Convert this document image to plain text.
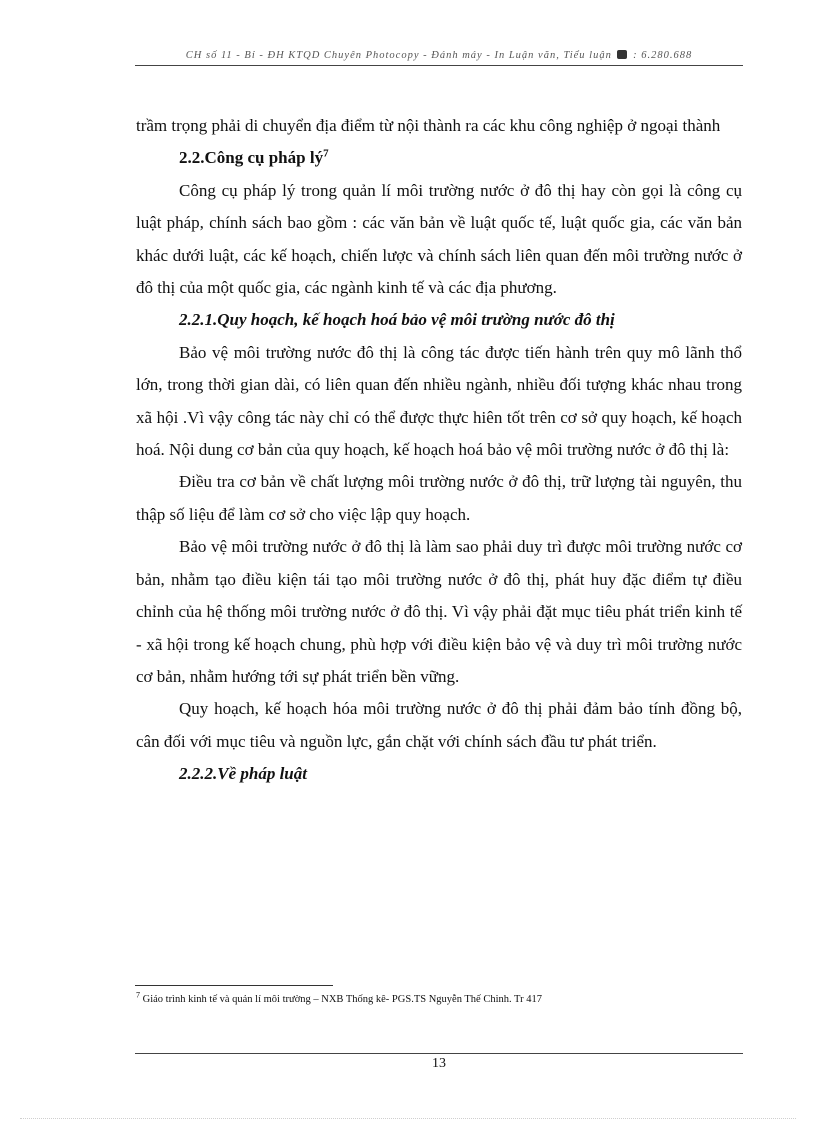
CH số 11 - Bỉ - ĐH KTQD Chuyên Photocopy - Đánh máy - In Luận văn, Tiểu luận : 6.280.688

trầm trọng phải di chuyển địa điểm từ nội thành ra các khu công nghiệp ở ngoại thành

2.2.Công cụ pháp $lý^7$

Công cụ pháp lý trong quản lí môi trường nước ở đô thị hay còn gọi là công cụ luật pháp, chính sách bao gồm : các văn bản về luật quốc tế, luật quốc gia, các văn bản khác dưới luật, các kế hoạch, chiến lược và chính sách liên quan đến môi trường nước ở đô thị của một quốc gia, các ngành kinh tế và các địa phương.

2.2.1.Quy hoạch, kế hoạch hoá bảo vệ môi trường nước đô thị

Bảo vệ môi trường nước đô thị là công tác được tiến hành trên quy mô lãnh thổ lớn, trong thời gian dài, có liên quan đến nhiều ngành, nhiều đối tượng khác nhau trong xã hội .Vì vậy công tác này chỉ có thể được thực hiên tốt trên cơ sở quy hoạch, kế hoạch hoá. Nội dung cơ bản của quy hoạch, kế hoạch hoá bảo vệ môi trường nước ở đô thị là:

Điều tra cơ bản về chất lượng môi trường nước ở đô thị, trữ lượng tài nguyên, thu thập số liệu để làm cơ sở cho việc lập quy hoạch.

Bảo vệ môi trường nước ở đô thị là làm sao phải duy trì được môi trường nước cơ bản, nhằm tạo điều kiện tái tạo môi trường nước ở đô thị, phát huy đặc điểm tự điều chỉnh của hệ thống môi trường nước ở đô thị. Vì vậy phải đặt mục tiêu phát triển kinh tế - xã hội trong kế hoạch chung, phù hợp với điều kiện bảo vệ và duy trì môi trường nước cơ bản, nhằm hướng tới sự phát triển bền vững.

Quy hoạch, kế hoạch hóa môi trường nước ở đô thị phải đảm bảo tính đồng bộ, cân đối với mục tiêu và nguồn lực, gắn chặt với chính sách đầu tư phát triển.

2.2.2.Về pháp luật

$^7$ Giáo trình kinh tế và quản lí môi trường – NXB Thống kê- PGS.TS Nguyễn Thế Chinh. Tr 417
13
